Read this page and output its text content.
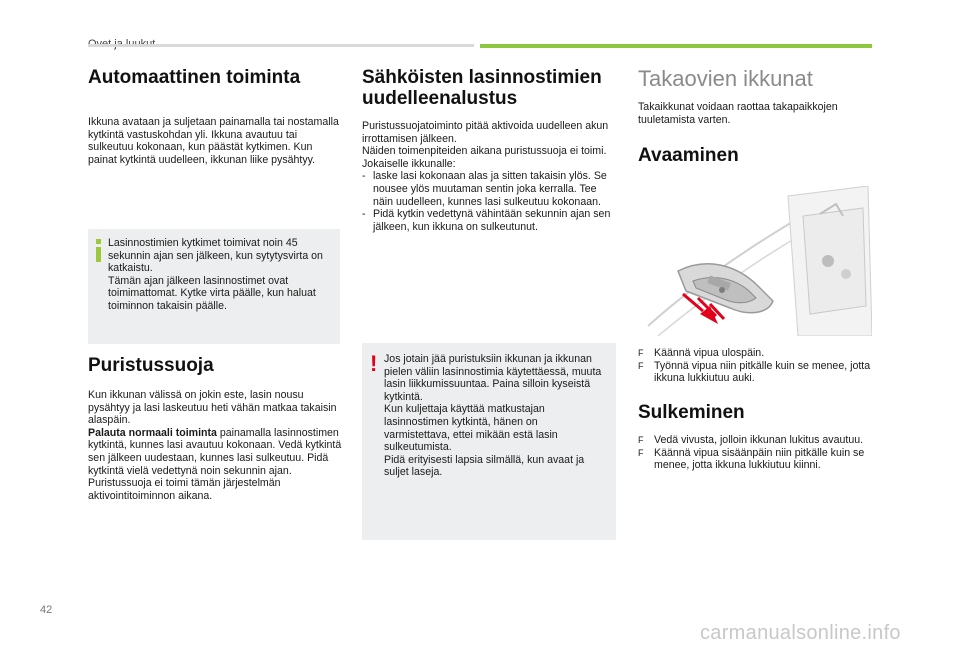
Automaattinen toiminta

Ikkuna avataan ja suljetaan painamalla tai nostamalla kytkintä vastuskohdan yli. Ikkuna avautuu tai sulkeutuu kokonaan, kun päästät kytkimen. Kun painat kytkintä uudelleen, ikkunan liike pysähtyy.

Lasinnostimien kytkimet toimivat noin 45 sekunnin ajan sen jälkeen, kun sytytysvirta on katkaistu.
Tämän ajan jälkeen lasinnostimet ovat toimimattomat. Kytke virta päälle, kun haluat toiminnon takaisin päälle.

Puristussuoja

Kun ikkunan välissä on jokin este, lasin nousu pysähtyy ja lasi laskeutuu heti vähän matkaa takaisin alaspäin.
Palauta normaali toiminta painamalla lasinnostimen kytkintä, kunnes lasi avautuu kokonaan. Vedä kytkintä sen jälkeen uudestaan, kunnes lasi sulkeutuu. Pidä kytkintä vielä vedettynä noin sekunnin ajan.
Puristussuoja ei toimi tämän järjestelmän aktivointitoiminnon aikana.

Sähköisten lasinnostimien uudelleenalustus

Puristussuojatoiminto pitää aktivoida uudelleen akun irrottamisen jälkeen.
Näiden toimenpiteiden aikana puristussuoja ei toimi.
Jokaiselle ikkunalle:

- laske lasi kokonaan alas ja sitten takaisin ylös. Se nousee ylös muutaman sentin joka kerralla. Tee näin uudelleen, kunnes lasi sulkeutuu kokonaan.
- Pidä kytkin vedettynä vähintään sekunnin ajan sen jälkeen, kun ikkuna on sulkeutunut.
! Jos jotain jää puristuksiin ikkunan ja ikkunan pielen väliin lasinnostimia käytettäessä, muuta lasin liikkumissuuntaa. Paina silloin kyseistä kytkintä.
Kun kuljettaja käyttää matkustajan lasinnostimen kytkintä, hänen on varmistettava, ettei mikään estä lasin sulkeutumista.
Pidä erityisesti lapsia silmällä, kun avaat ja suljet laseja.

Takaovien ikkunat

Takaikkunat voidaan raottaa takapaikkojen tuuletamista varten.

Avaaminen
F Käännä vipua ulospäin.
F Työnnä vipua niin pitkälle kuin se menee, jotta ikkuna lukkiutuu auki.
Sulkeminen
F Vedä vivusta, jolloin ikkunan lukitus avautuu.
F Käännä vipua sisäänpäin niin pitkälle kuin se menee, jotta ikkuna lukkiutuu kiinni.
42
carmanualsonline.info
